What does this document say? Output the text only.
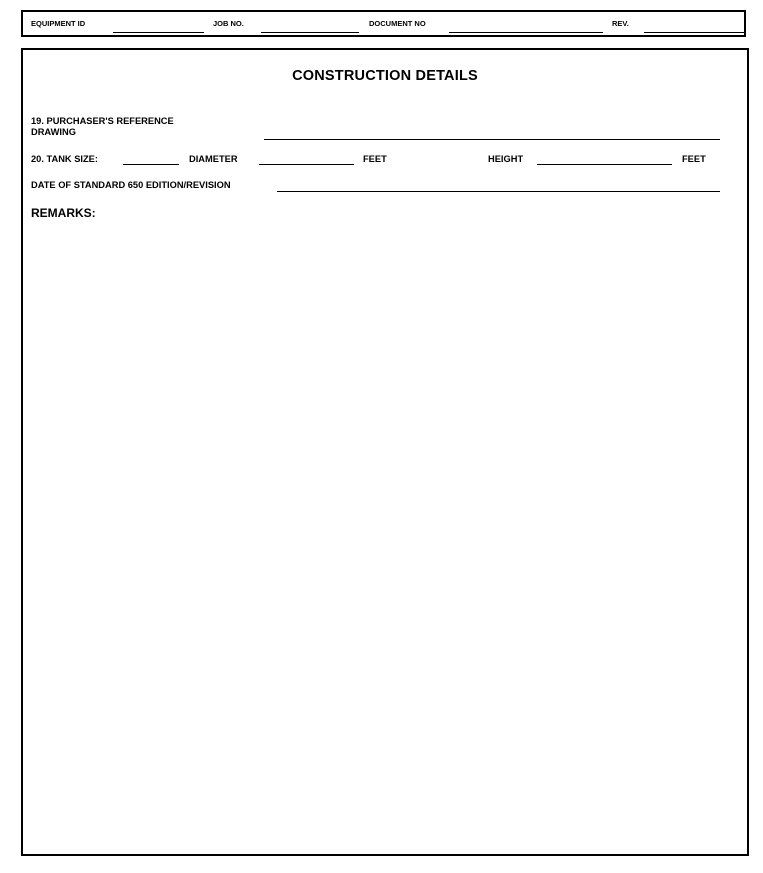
EQUIPMENT ID	JOB NO.	DOCUMENT NO	REV.
CONSTRUCTION DETAILS
19. PURCHASER'S REFERENCE
DRAWING
20. TANK SIZE:	DIAMETER	FEET	HEIGHT	FEET
DATE OF STANDARD 650 EDITION/REVISION
REMARKS:
